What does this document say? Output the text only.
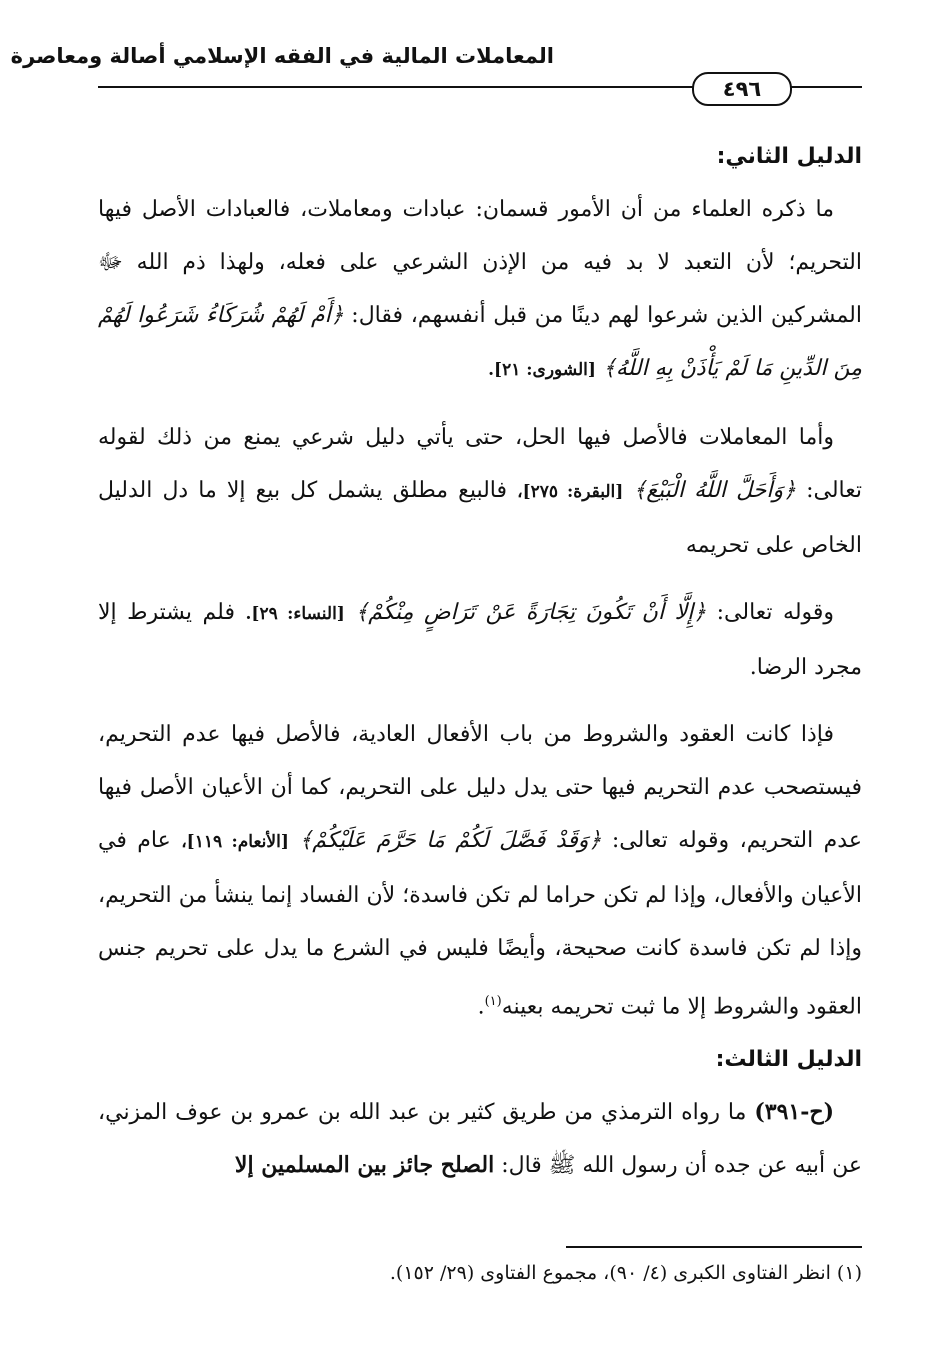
المعاملات المالية في الفقه الإسلامي أصالة ومعاصرة
٤٩٦

الدليل الثاني:

ما ذكره العلماء من أن الأمور قسمان: عبادات ومعاملات، فالعبادات الأصل فيها التحريم؛ لأن التعبد لا بد فيه من الإذن الشرعي على فعله، ولهذا ذم الله ﷻ المشركين الذين شرعوا لهم دينًا من قبل أنفسهم، فقال: ﴿أَمْ لَهُمْ شُرَكَاءُ شَرَعُوا لَهُمْ مِنَ الدِّينِ مَا لَمْ يَأْذَنْ بِهِ اللَّهُ﴾ [الشورى: ٢١].

وأما المعاملات فالأصل فيها الحل، حتى يأتي دليل شرعي يمنع من ذلك لقوله تعالى: ﴿وَأَحَلَّ اللَّهُ الْبَيْعَ﴾ [البقرة: ٢٧٥]، فالبيع مطلق يشمل كل بيع إلا ما دل الدليل الخاص على تحريمه

وقوله تعالى: ﴿إِلَّا أَنْ تَكُونَ تِجَارَةً عَنْ تَرَاضٍ مِنْكُمْ﴾ [النساء: ٢٩]. فلم يشترط إلا مجرد الرضا.

فإذا كانت العقود والشروط من باب الأفعال العادية، فالأصل فيها عدم التحريم، فيستصحب عدم التحريم فيها حتى يدل دليل على التحريم، كما أن الأعيان الأصل فيها عدم التحريم، وقوله تعالى: ﴿وَقَدْ فَصَّلَ لَكُمْ مَا حَرَّمَ عَلَيْكُمْ﴾ [الأنعام: ١١٩]، عام في الأعيان والأفعال، وإذا لم تكن حراما لم تكن فاسدة؛ لأن الفساد إنما ينشأ من التحريم، وإذا لم تكن فاسدة كانت صحيحة، وأيضًا فليس في الشرع ما يدل على تحريم جنس العقود والشروط إلا ما ثبت تحريمه بعينه$^{(١)}$.

الدليل الثالث:

(ح-٣٩١) ما رواه الترمذي من طريق كثير بن عبد الله بن عمرو بن عوف المزني، عن أبيه عن جده أن رسول الله ﷺ قال: الصلح جائز بين المسلمين إلا

(١) انظر الفتاوى الكبرى (٤/ ٩٠)، مجموع الفتاوى (٢٩/ ١٥٢).
